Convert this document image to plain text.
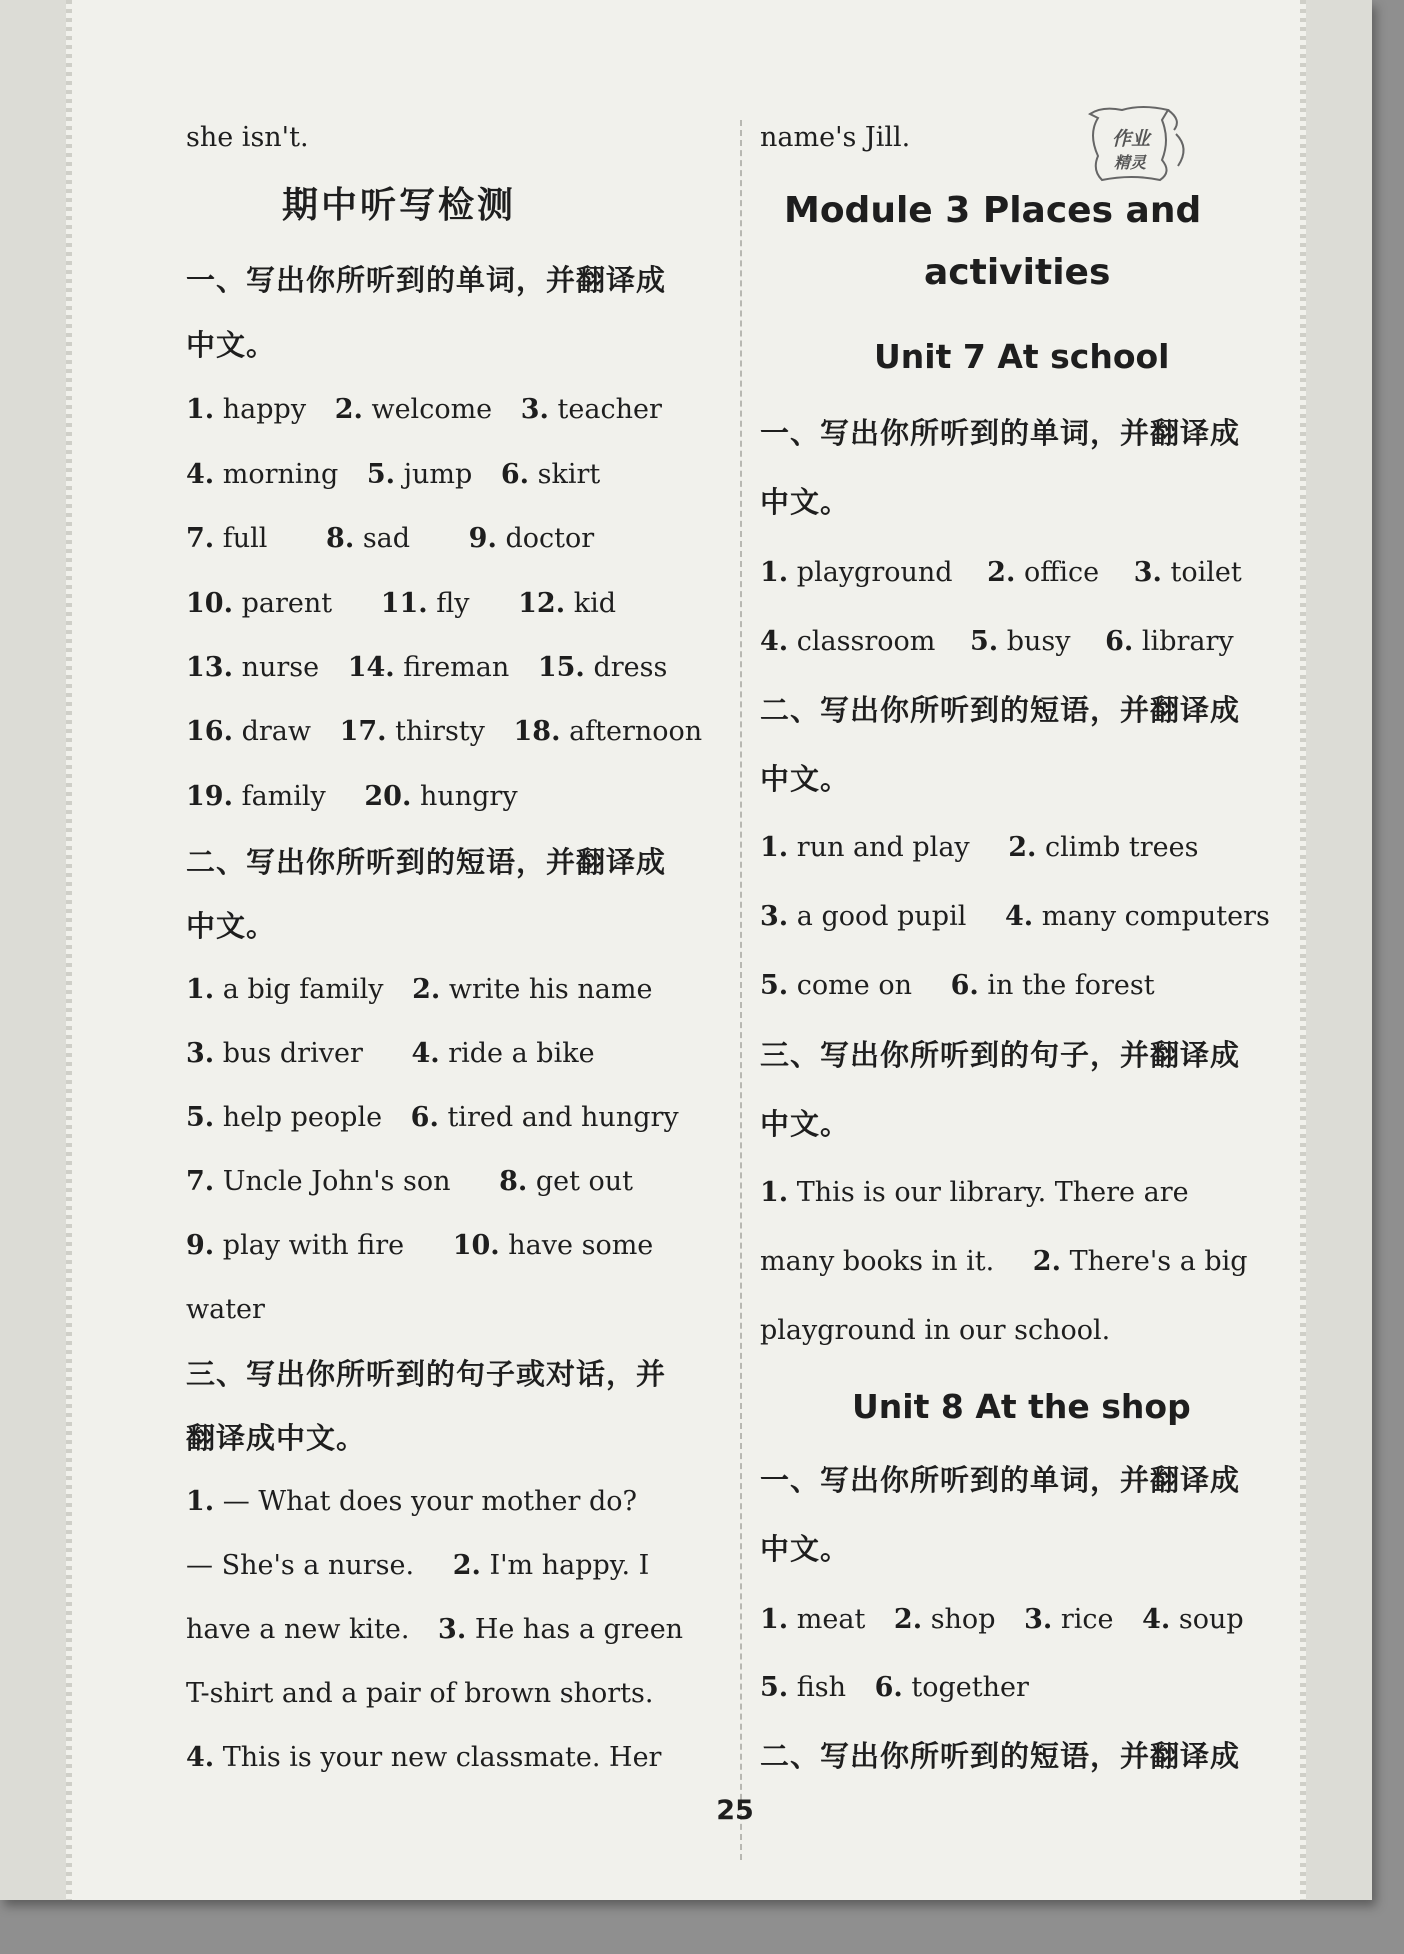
作业
精灵
she isn't.
期中听写检测
一、写出你所听到的单词，并翻译成
中文。
1. happy 2. welcome 3. teacher
4. morning 5. jump 6. skirt
7. full 8. sad 9. doctor
10. parent 11. fly 12. kid
13. nurse 14. fireman 15. dress
16. draw 17. thirsty 18. afternoon
19. family 20. hungry
二、写出你所听到的短语，并翻译成
中文。
1. a big family 2. write his name
3. bus driver 4. ride a bike
5. help people 6. tired and hungry
7. Uncle John's son 8. get out
9. play with fire 10. have some
water
三、写出你所听到的句子或对话，并
翻译成中文。
1. — What does your mother do?
— She's a nurse. 2. I'm happy. I
have a new kite. 3. He has a green
T-shirt and a pair of brown shorts.
4. This is your new classmate. Her
name's Jill.
Module 3 Places and
activities
Unit 7 At school
一、写出你所听到的单词，并翻译成
中文。
1. playground 2. office 3. toilet
4. classroom 5. busy 6. library
二、写出你所听到的短语，并翻译成
中文。
1. run and play 2. climb trees
3. a good pupil 4. many computers
5. come on 6. in the forest
三、写出你所听到的句子，并翻译成
中文。
1. This is our library. There are
many books in it. 2. There's a big
playground in our school.
Unit 8 At the shop
一、写出你所听到的单词，并翻译成
中文。
1. meat 2. shop 3. rice 4. soup
5. fish 6. together
二、写出你所听到的短语，并翻译成
25
